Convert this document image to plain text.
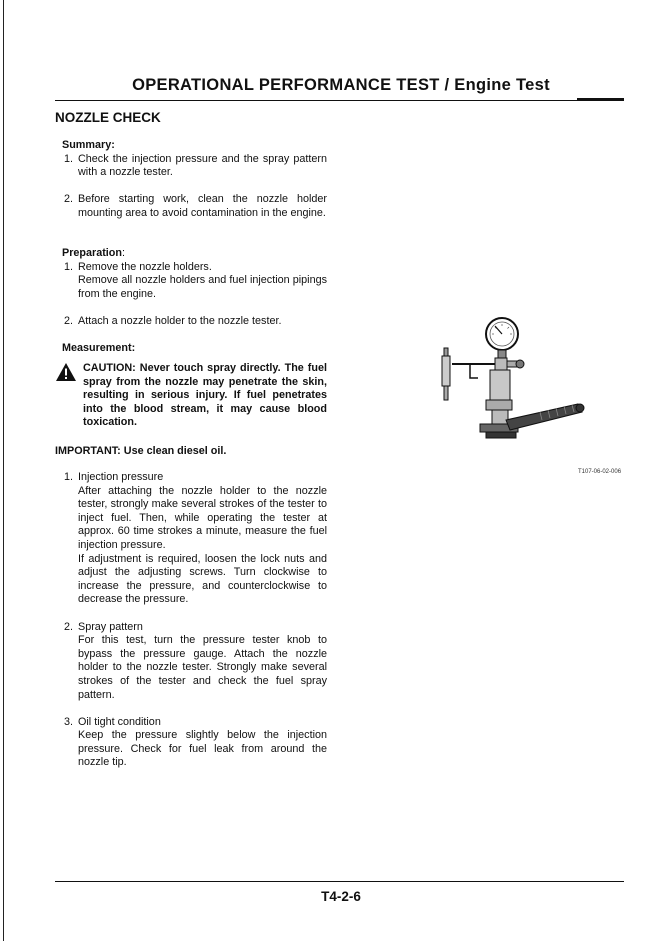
OPERATIONAL PERFORMANCE TEST / Engine Test
NOZZLE CHECK
Summary:
1. Check the injection pressure and the spray pattern with a nozzle tester.
2. Before starting work, clean the nozzle holder mounting area to avoid contamination in the engine.
Preparation:
1. Remove the nozzle holders.
Remove all nozzle holders and fuel injection pipings from the engine.
2. Attach a nozzle holder to the nozzle tester.
Measurement:
CAUTION: Never touch spray directly. The fuel spray from the nozzle may penetrate the skin, resulting in serious injury. If fuel penetrates into the blood stream, it may cause blood toxication.
IMPORTANT: Use clean diesel oil.
1. Injection pressure
After attaching the nozzle holder to the nozzle tester, strongly make several strokes of the tester to inject fuel. Then, while operating the tester at approx. 60 time strokes a minute, measure the fuel injection pressure.
If adjustment is required, loosen the lock nuts and adjust the adjusting screws. Turn clockwise to increase the pressure, and counterclockwise to decrease the pressure.
2. Spray pattern
For this test, turn the pressure tester knob to bypass the pressure gauge. Attach the nozzle holder to the nozzle tester. Strongly make several strokes of the tester and check the fuel spray pattern.
3. Oil tight condition
Keep the pressure slightly below the injection pressure. Check for fuel leak from around the nozzle tip.
T107-06-02-006
T4-2-6
